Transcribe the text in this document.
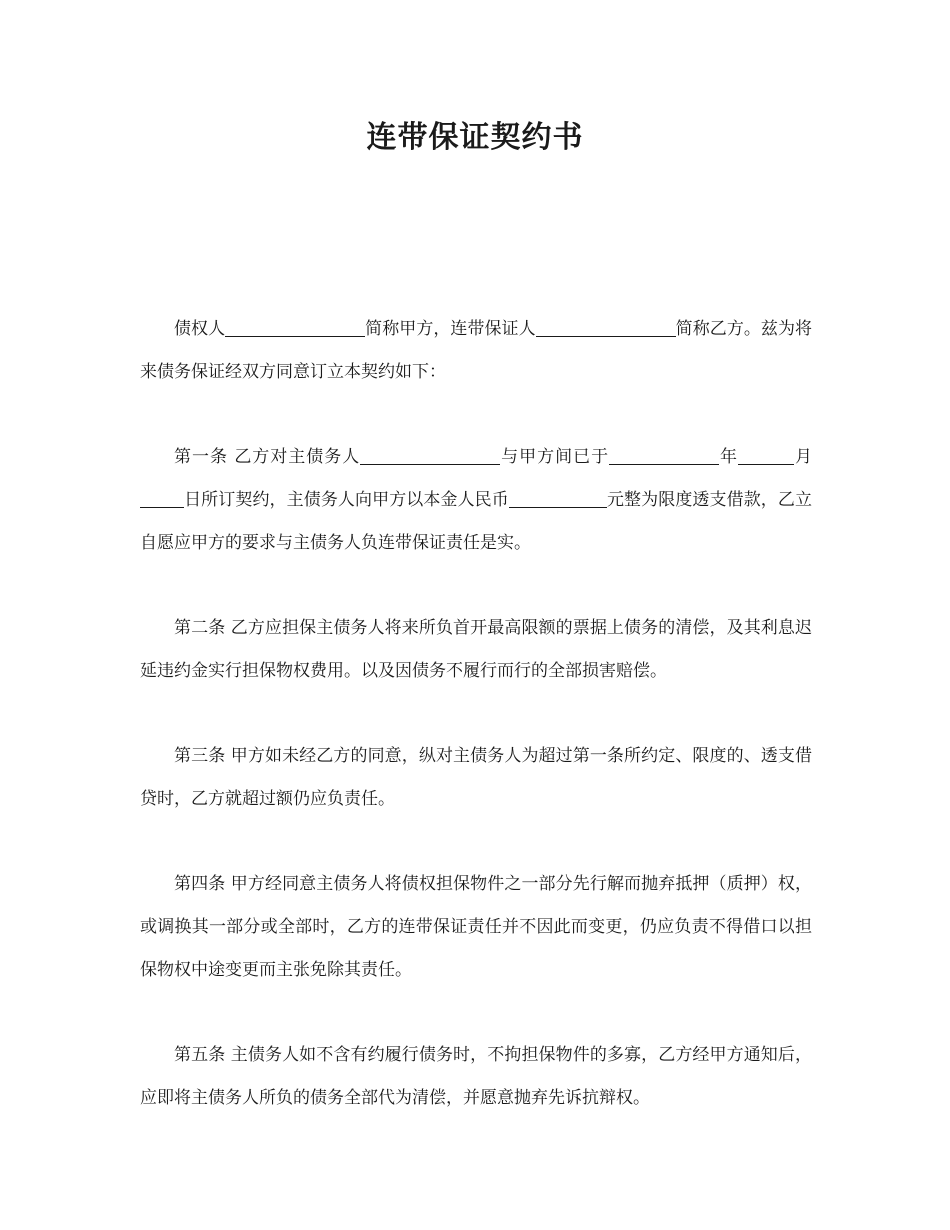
连带保证契约书

债权人	简称甲方，连带保证人	简称乙方。兹为将来债务保证经双方同意订立本契约如下：

第一条 乙方对主债务人	与甲方间已于	年	月日所订契约，主债务人向甲方以本金人民币	元整为限度透支借款，乙立自愿应甲方的要求与主债务人负连带保证责任是实。

第二条 乙方应担保主债务人将来所负首开最高限额的票据上债务的清偿，及其利息迟延违约金实行担保物权费用。以及因债务不履行而行的全部损害赔偿。

第三条 甲方如未经乙方的同意，纵对主债务人为超过第一条所约定、限度的、透支借贷时，乙方就超过额仍应负责任。

第四条 甲方经同意主债务人将债权担保物件之一部分先行解而抛弃抵押（质押）权，或调换其一部分或全部时，乙方的连带保证责任并不因此而变更，仍应负责不得借口以担保物权中途变更而主张免除其责任。

第五条 主债务人如不含有约履行债务时，不拘担保物件的多寡，乙方经甲方通知后，应即将主债务人所负的债务全部代为清偿，并愿意抛弃先诉抗辩权。
